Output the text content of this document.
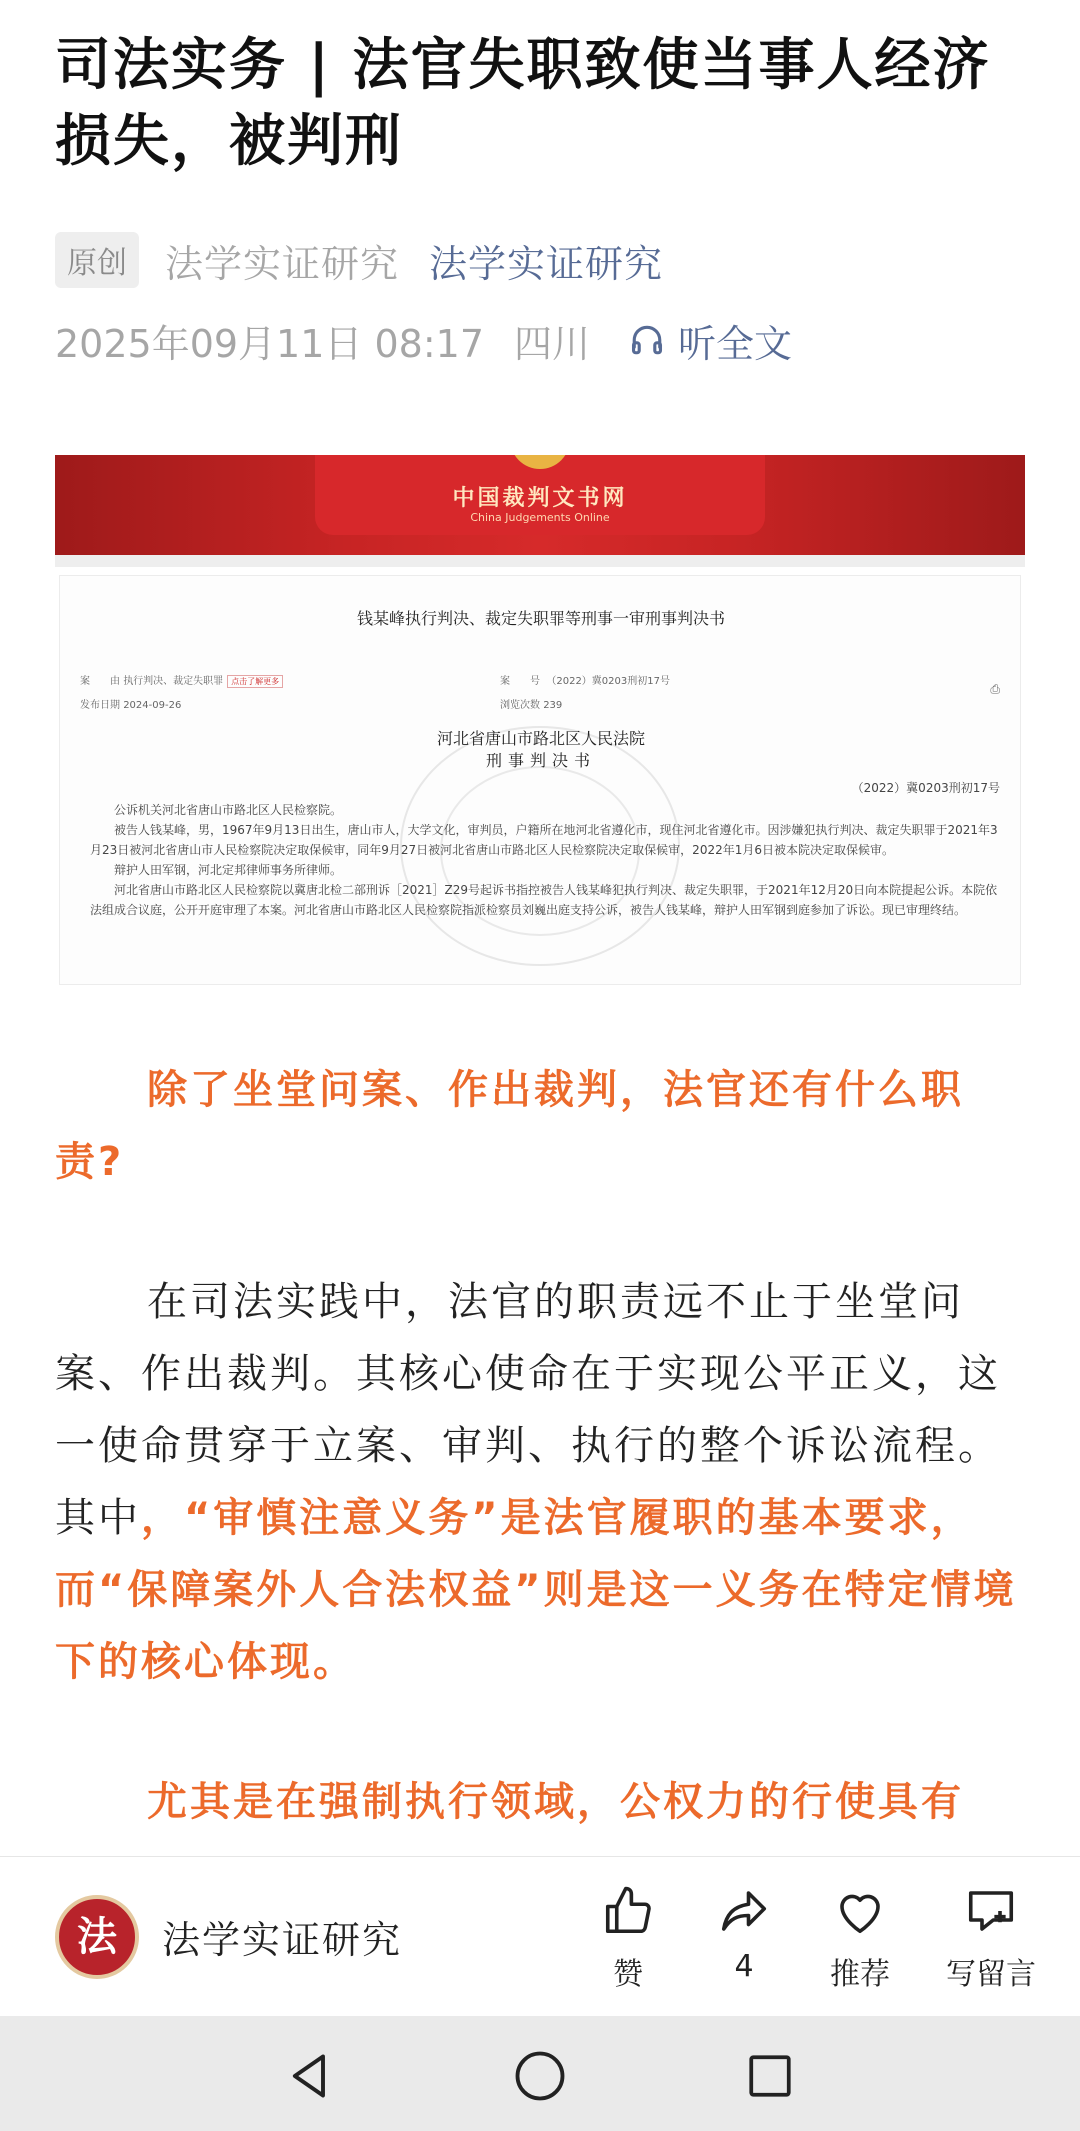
司法实务 | 法官失职致使当事人经济损失，被判刑
原创	法学实证研究 法学实证研究
2025年09月11日 08:17 四川 听全文
中国裁判文书网
China Judgements Online
钱某峰执行判决、裁定失职罪等刑事一审刑事判决书
案　　由 执行判决、裁定失职罪 点击了解更多	案　　号 （2022）冀0203刑初17号
发布日期 2024-09-26	浏览次数 239
⎙
河北省唐山市路北区人民法院
刑事判决书
（2022）冀0203刑初17号

公诉机关河北省唐山市路北区人民检察院。

被告人钱某峰，男，1967年9月13日出生，唐山市人，大学文化，审判员，户籍所在地河北省遵化市，现住河北省遵化市。因涉嫌犯执行判决、裁定失职罪于2021年3月23日被河北省唐山市人民检察院决定取保候审，同年9月27日被河北省唐山市路北区人民检察院决定取保候审，2022年1月6日被本院决定取保候审。

辩护人田军钢，河北定邦律师事务所律师。

河北省唐山市路北区人民检察院以冀唐北检二部刑诉［2021］Z29号起诉书指控被告人钱某峰犯执行判决、裁定失职罪，于2021年12月20日向本院提起公诉。本院依法组成合议庭，公开开庭审理了本案。河北省唐山市路北区人民检察院指派检察员刘巍出庭支持公诉，被告人钱某峰，辩护人田军钢到庭参加了诉讼。现已审理终结。

除了坐堂问案、作出裁判，法官还有什么职责?
在司法实践中，法官的职责远不止于坐堂问案、作出裁判。其核心使命在于实现公平正义，这一使命贯穿于立案、审判、执行的整个诉讼流程。其中，“审慎注意义务”是法官履职的基本要求，而“保障案外人合法权益”则是这一义务在特定情境下的核心体现。
尤其是在强制执行领域，公权力的行使具有
法	法学实证研究
赞	4	推荐	写留言
